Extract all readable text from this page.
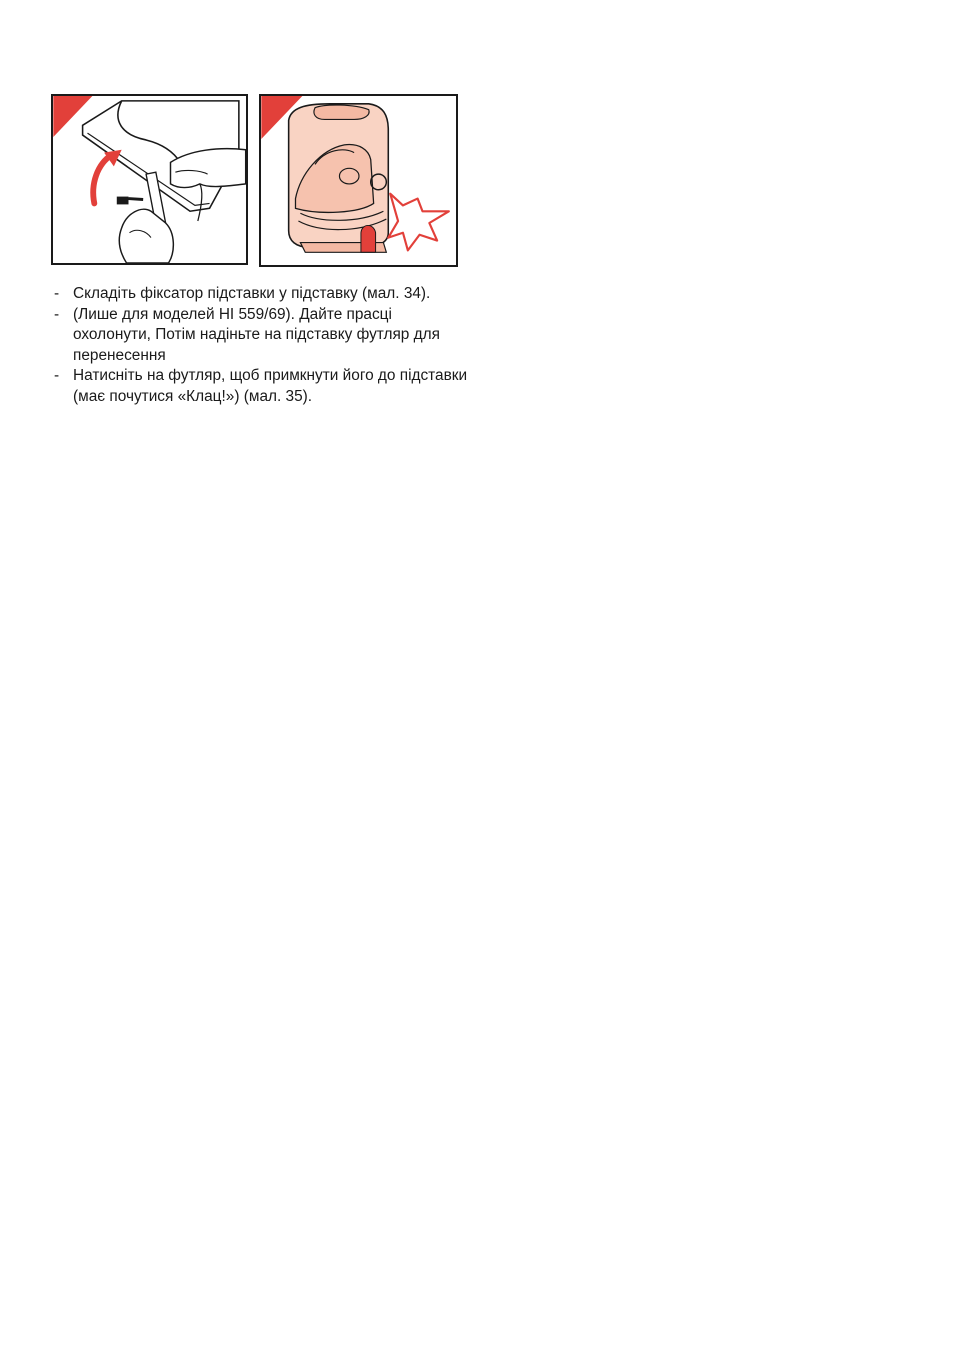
- Складіть фіксатор підставки у підставку (мал. 34).
- (Лише для моделей HI 559/69). Дайте прасці охолонути, Потім надіньте на підставку футляр для перенесення
- Натисніть на футляр, щоб примкнути його до підставки (має почутися «Клац!») (мал. 35).
